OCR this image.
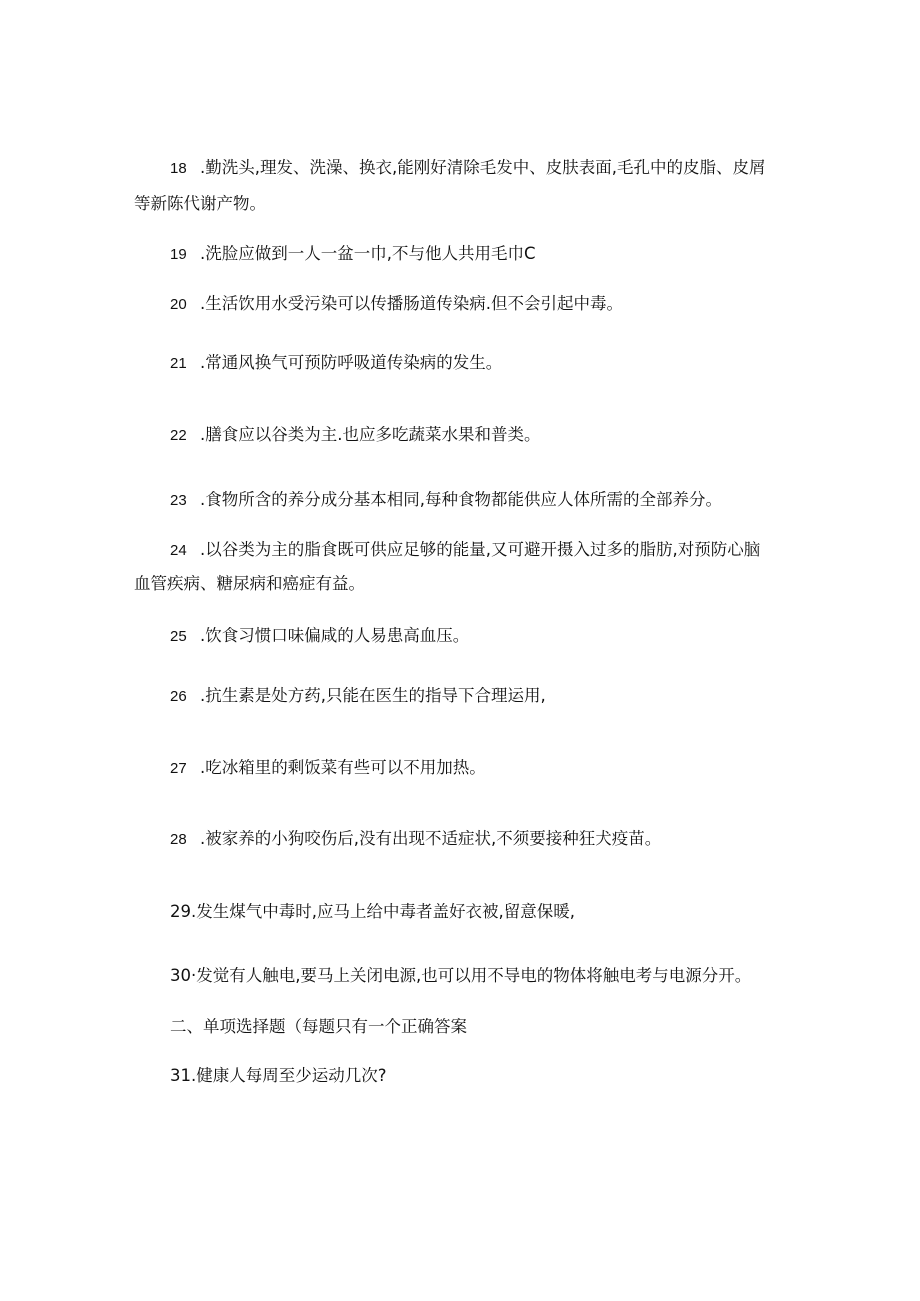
18 .勤洗头,理发、洗澡、换衣,能刚好清除毛发中、皮肤表面,毛孔中的皮脂、皮屑
等新陈代谢产物。
19 .洗脸应做到一人一盆一巾,不与他人共用毛巾C
20 .生活饮用水受污染可以传播肠道传染病.但不会引起中毒。
21 .常通风换气可预防呼吸道传染病的发生。
22 .膳食应以谷类为主.也应多吃蔬菜水果和普类。
23 .食物所含的养分成分基本相同,每种食物都能供应人体所需的全部养分。
24 .以谷类为主的脂食既可供应足够的能量,又可避开摄入过多的脂肪,对预防心脑
血管疾病、糖尿病和癌症有益。
25 .饮食习惯口味偏咸的人易患高血压。
26 .抗生素是处方药,只能在医生的指导下合理运用,
27 .吃冰箱里的剩饭菜有些可以不用加热。
28 .被家养的小狗咬伤后,没有出现不适症状,不须要接种狂犬疫苗。
29.发生煤气中毒时,应马上给中毒者盖好衣被,留意保暖,
30·发觉有人触电,要马上关闭电源,也可以用不导电的物体将触电考与电源分开。
二、单项选择题（每题只有一个正确答案
31.健康人每周至少运动几次?
